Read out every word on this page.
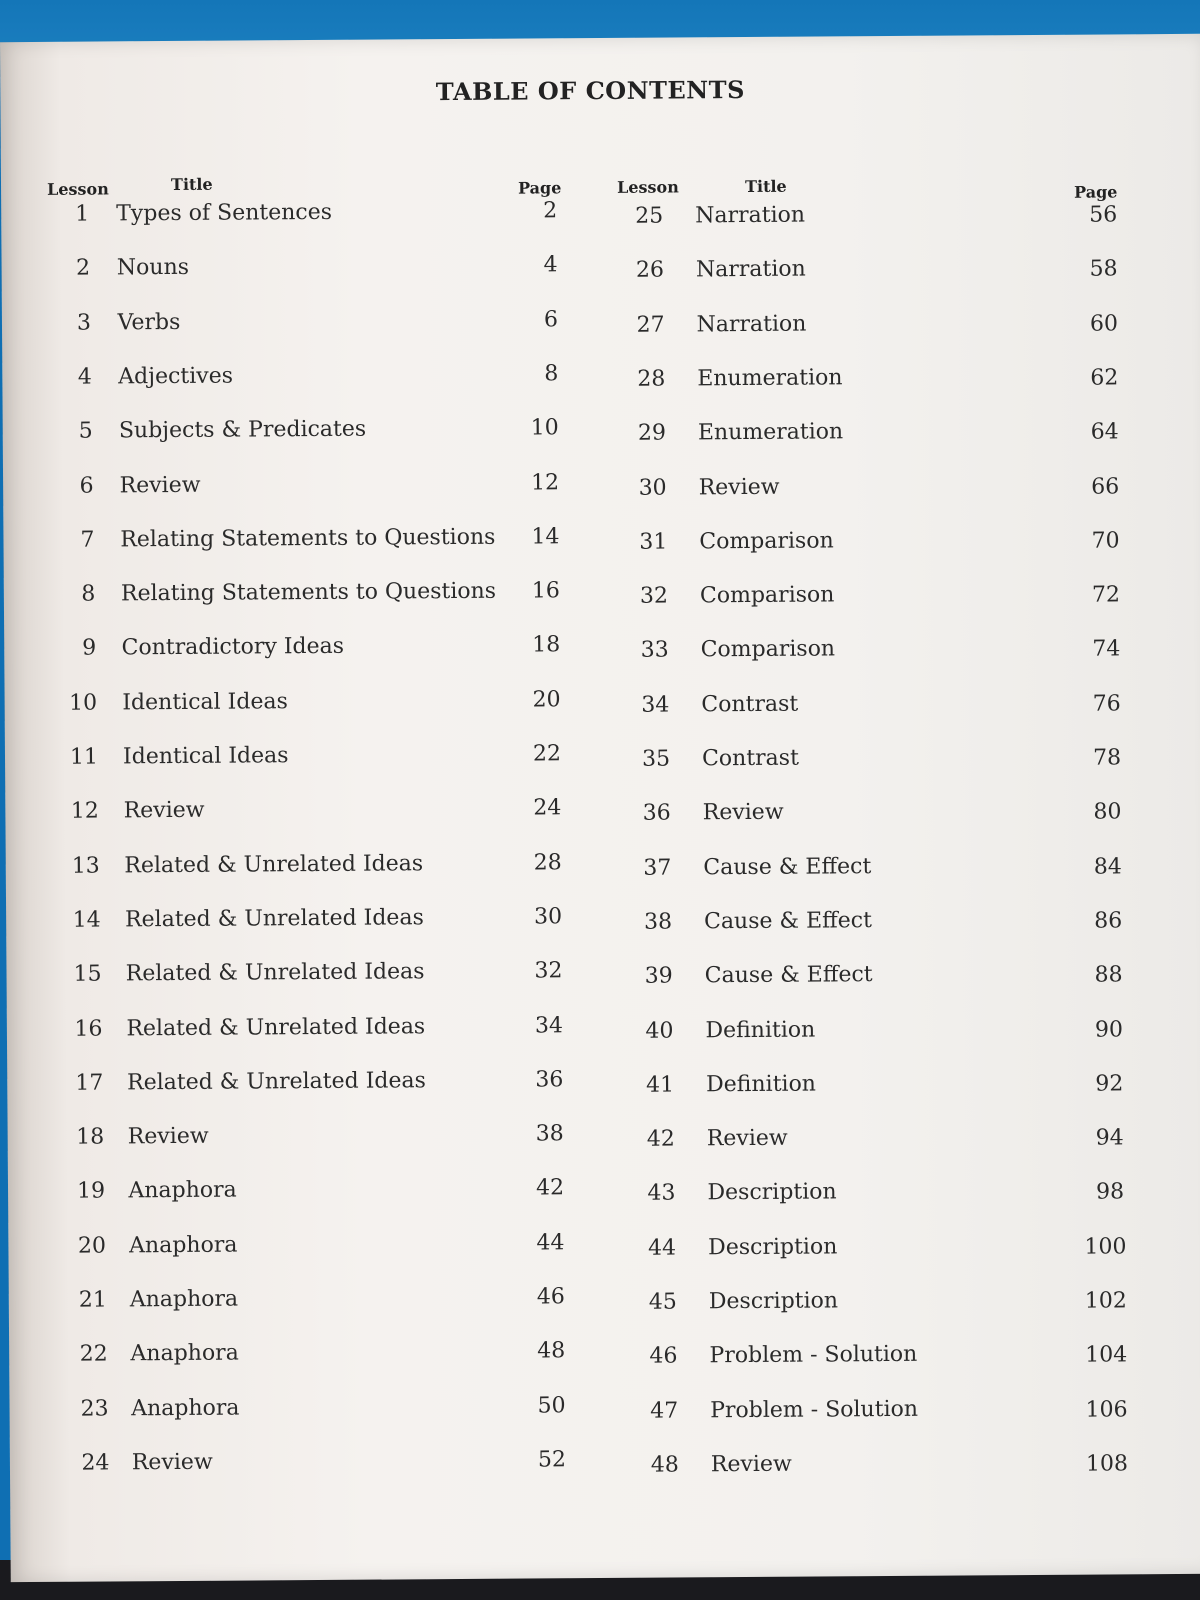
TABLE OF CONTENTS
Lesson	Title	Page	Lesson	Title	Page
1 Types of Sentences	2
2 Nouns	4
3 Verbs	6
4 Adjectives	8
5 Subjects & Predicates	10
6 Review	12
7 Relating Statements to Questions	14
8 Relating Statements to Questions	16
9 Contradictory Ideas	18
10 Identical Ideas	20
11 Identical Ideas	22
12 Review	24
13 Related & Unrelated Ideas	28
14 Related & Unrelated Ideas	30
15 Related & Unrelated Ideas	32
16 Related & Unrelated Ideas	34
17 Related & Unrelated Ideas	36
18 Review	38
19 Anaphora	42
20 Anaphora	44
21 Anaphora	46
22 Anaphora	48
23 Anaphora	50
24 Review	52
25 Narration	56
26 Narration	58
27 Narration	60
28 Enumeration	62
29 Enumeration	64
30 Review	66
31 Comparison	70
32 Comparison	72
33 Comparison	74
34 Contrast	76
35 Contrast	78
36 Review	80
37 Cause & Effect	84
38 Cause & Effect	86
39 Cause & Effect	88
40 Definition	90
41 Definition	92
42 Review	94
43 Description	98
44 Description	100
45 Description	102
46 Problem - Solution	104
47 Problem - Solution	106
48 Review	108
